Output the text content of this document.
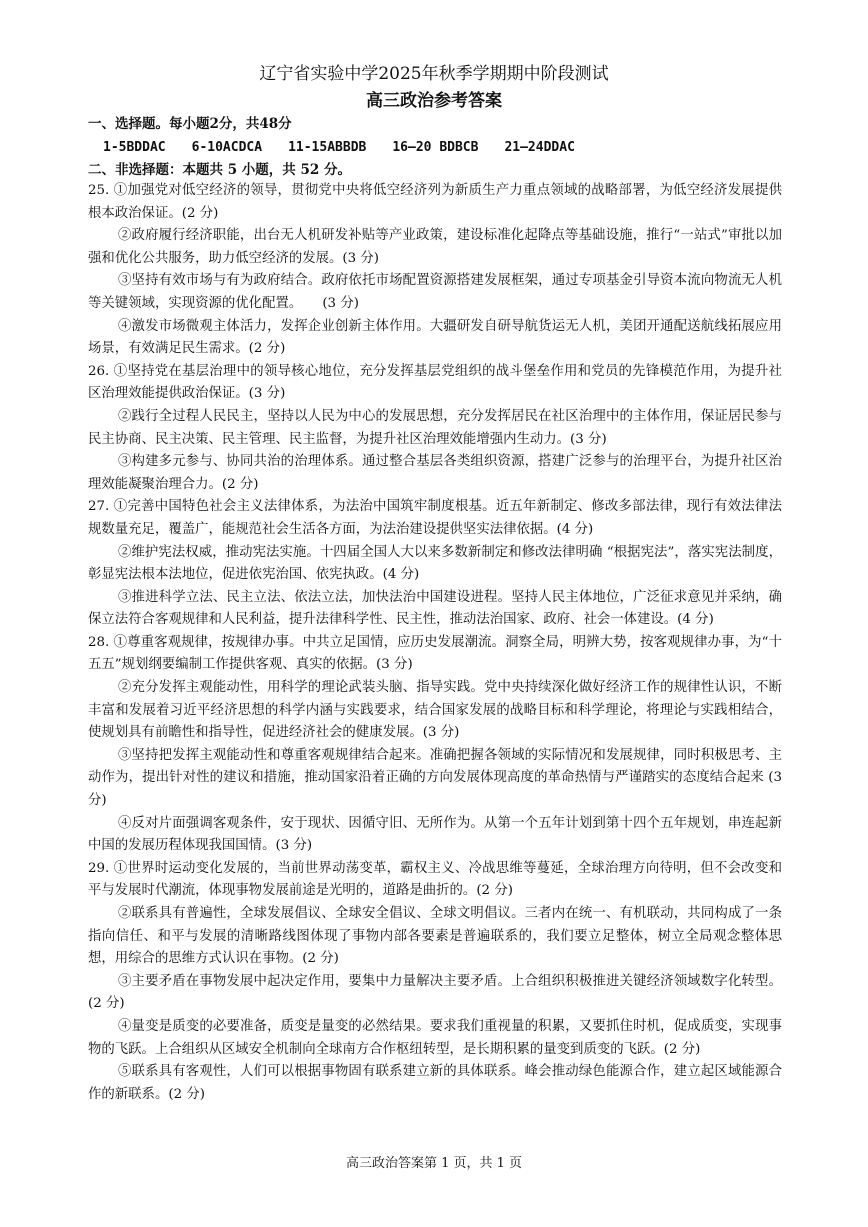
辽宁省实验中学2025年秋季学期期中阶段测试
高三政治参考答案
一、选择题。每小题2分，共48分
1-5BDDAC 6-10ACDCA 11-15ABBDB 16—20 BDBCB 21—24DDAC
二、非选择题：本题共 5 小题，共 52 分。

25. ①加强党对低空经济的领导，贯彻党中央将低空经济列为新质生产力重点领域的战略部署，为低空经济发展提供根本政治保证。(2 分)

②政府履行经济职能，出台无人机研发补贴等产业政策，建设标准化起降点等基础设施，推行“一站式”审批以加强和优化公共服务，助力低空经济的发展。(3 分)

③坚持有效市场与有为政府结合。政府依托市场配置资源搭建发展框架，通过专项基金引导资本流向物流无人机等关键领域，实现资源的优化配置。　　(3 分)

④激发市场微观主体活力，发挥企业创新主体作用。大疆研发自研导航货运无人机，美团开通配送航线拓展应用场景，有效满足民生需求。(2 分)

26. ①坚持党在基层治理中的领导核心地位，充分发挥基层党组织的战斗堡垒作用和党员的先锋模范作用，为提升社区治理效能提供政治保证。(3 分)

②践行全过程人民民主，坚持以人民为中心的发展思想，充分发挥居民在社区治理中的主体作用，保证居民参与民主协商、民主决策、民主管理、民主监督，为提升社区治理效能增强内生动力。(3 分)

③构建多元参与、协同共治的治理体系。通过整合基层各类组织资源，搭建广泛参与的治理平台，为提升社区治理效能凝聚治理合力。(2 分)

27. ①完善中国特色社会主义法律体系，为法治中国筑牢制度根基。近五年新制定、修改多部法律，现行有效法律法规数量充足，覆盖广，能规范社会生活各方面，为法治建设提供坚实法律依据。(4 分)

②维护宪法权威，推动宪法实施。十四届全国人大以来多数新制定和修改法律明确 “根据宪法”，落实宪法制度，彰显宪法根本法地位，促进依宪治国、依宪执政。(4 分)

③推进科学立法、民主立法、依法立法，加快法治中国建设进程。坚持人民主体地位，广泛征求意见并采纳，确保立法符合客观规律和人民利益，提升法律科学性、民主性，推动法治国家、政府、社会一体建设。(4 分)

28. ①尊重客观规律，按规律办事。中共立足国情，应历史发展潮流。洞察全局，明辨大势，按客观规律办事，为“十五五”规划纲要编制工作提供客观、真实的依据。(3 分)

②充分发挥主观能动性，用科学的理论武装头脑、指导实践。党中央持续深化做好经济工作的规律性认识，不断丰富和发展着习近平经济思想的科学内涵与实践要求，结合国家发展的战略目标和科学理论，将理论与实践相结合，使规划具有前瞻性和指导性，促进经济社会的健康发展。(3 分)

③坚持把发挥主观能动性和尊重客观规律结合起来。准确把握各领域的实际情况和发展规律，同时积极思考、主动作为，提出针对性的建议和措施，推动国家沿着正确的方向发展体现高度的革命热情与严谨踏实的态度结合起来 (3 分)

④反对片面强调客观条件，安于现状、因循守旧、无所作为。从第一个五年计划到第十四个五年规划，串连起新中国的发展历程体现我国国情。(3 分)

29. ①世界时运动变化发展的，当前世界动荡变革，霸权主义、冷战思维等蔓延，全球治理方向待明，但不会改变和平与发展时代潮流，体现事物发展前途是光明的，道路是曲折的。(2 分)

②联系具有普遍性，全球发展倡议、全球安全倡议、全球文明倡议。三者内在统一、有机联动，共同构成了一条指向信任、和平与发展的清晰路线图体现了事物内部各要素是普遍联系的，我们要立足整体，树立全局观念整体思想，用综合的思维方式认识在事物。(2 分)

③主要矛盾在事物发展中起决定作用，要集中力量解决主要矛盾。上合组织积极推进关键经济领域数字化转型。(2 分)

④量变是质变的必要准备，质变是量变的必然结果。要求我们重视量的积累，又要抓住时机，促成质变，实现事物的飞跃。上合组织从区域安全机制向全球南方合作枢纽转型，是长期积累的量变到质变的飞跃。(2 分)

⑤联系具有客观性，人们可以根据事物固有联系建立新的具体联系。峰会推动绿色能源合作，建立起区域能源合作的新联系。(2 分)

高三政治答案第 1 页，共 1 页
